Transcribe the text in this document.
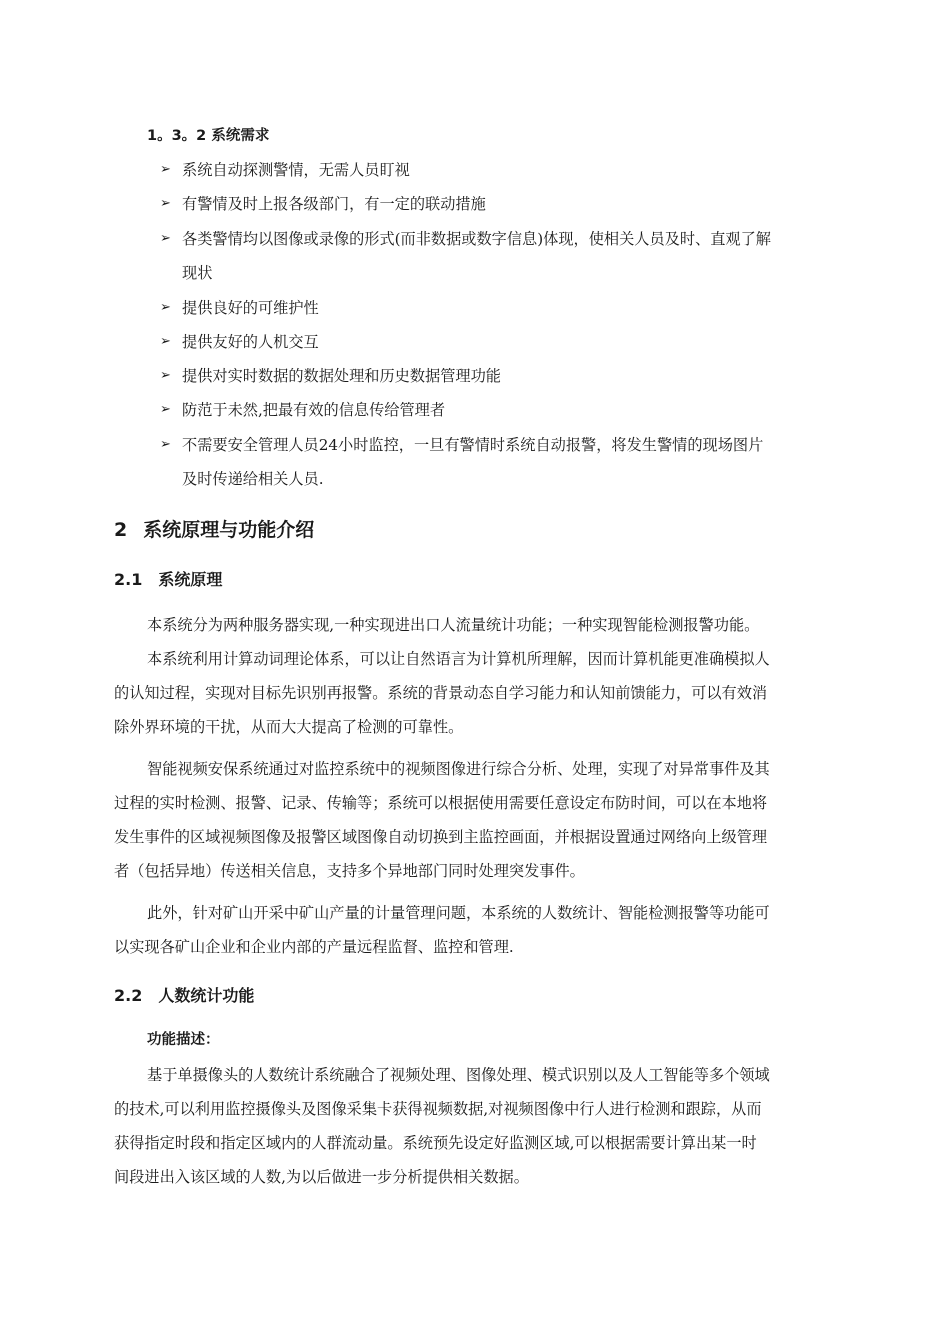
1。3。2 系统需求
➢ 系统自动探测警情，无需人员盯视
➢ 有警情及时上报各级部门，有一定的联动措施
➢ 各类警情均以图像或录像的形式(而非数据或数字信息)体现，使相关人员及时、直观了解
现状
➢ 提供良好的可维护性
➢ 提供友好的人机交互
➢ 提供对实时数据的数据处理和历史数据管理功能
➢ 防范于未然,把最有效的信息传给管理者
➢ 不需要安全管理人员24小时监控，一旦有警情时系统自动报警，将发生警情的现场图片
及时传递给相关人员.
2 系统原理与功能介绍
2.1 系统原理
本系统分为两种服务器实现,一种实现进出口人流量统计功能；一种实现智能检测报警功能。
本系统利用计算动词理论体系，可以让自然语言为计算机所理解，因而计算机能更准确模拟人
的认知过程，实现对目标先识别再报警。系统的背景动态自学习能力和认知前馈能力，可以有效消
除外界环境的干扰，从而大大提高了检测的可靠性。
智能视频安保系统通过对监控系统中的视频图像进行综合分析、处理，实现了对异常事件及其
过程的实时检测、报警、记录、传输等；系统可以根据使用需要任意设定布防时间，可以在本地将
发生事件的区域视频图像及报警区域图像自动切换到主监控画面，并根据设置通过网络向上级管理
者（包括异地）传送相关信息，支持多个异地部门同时处理突发事件。
此外，针对矿山开采中矿山产量的计量管理问题，本系统的人数统计、智能检测报警等功能可
以实现各矿山企业和企业内部的产量远程监督、监控和管理.
2.2 人数统计功能
功能描述：
基于单摄像头的人数统计系统融合了视频处理、图像处理、模式识别以及人工智能等多个领域
的技术,可以利用监控摄像头及图像采集卡获得视频数据,对视频图像中行人进行检测和跟踪，从而
获得指定时段和指定区域内的人群流动量。系统预先设定好监测区域,可以根据需要计算出某一时
间段进出入该区域的人数,为以后做进一步分析提供相关数据。
